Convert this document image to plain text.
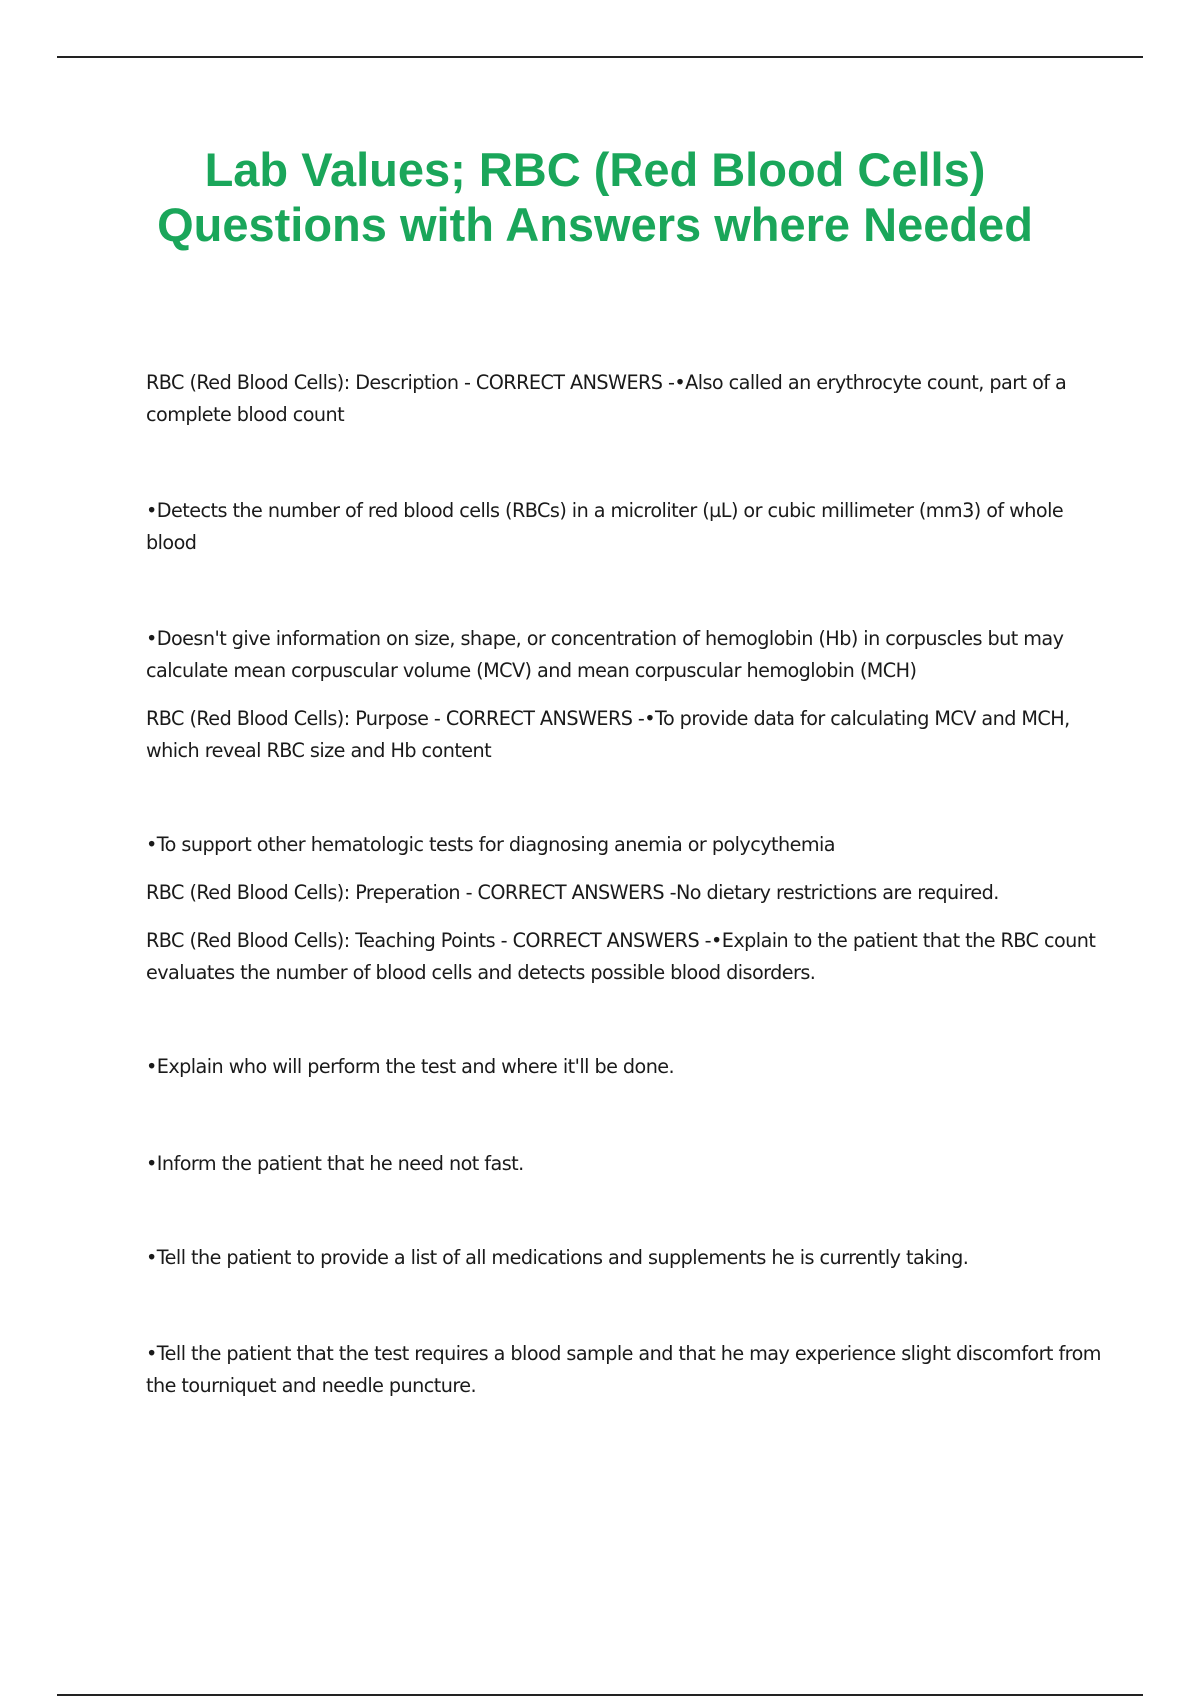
Lab Values; RBC (Red Blood Cells) Questions with Answers where Needed

RBC (Red Blood Cells): Description - CORRECT ANSWERS -•Also called an erythrocyte count, part of a complete blood count

•Detects the number of red blood cells (RBCs) in a microliter (µL) or cubic millimeter (mm3) of whole blood

•Doesn't give information on size, shape, or concentration of hemoglobin (Hb) in corpuscles but may calculate mean corpuscular volume (MCV) and mean corpuscular hemoglobin (MCH)

RBC (Red Blood Cells): Purpose - CORRECT ANSWERS -•To provide data for calculating MCV and MCH, which reveal RBC size and Hb content

•To support other hematologic tests for diagnosing anemia or polycythemia

RBC (Red Blood Cells): Preperation - CORRECT ANSWERS -No dietary restrictions are required.

RBC (Red Blood Cells): Teaching Points - CORRECT ANSWERS -•Explain to the patient that the RBC count evaluates the number of blood cells and detects possible blood disorders.

•Explain who will perform the test and where it'll be done.

•Inform the patient that he need not fast.

•Tell the patient to provide a list of all medications and supplements he is currently taking.

•Tell the patient that the test requires a blood sample and that he may experience slight discomfort from the tourniquet and needle puncture.
